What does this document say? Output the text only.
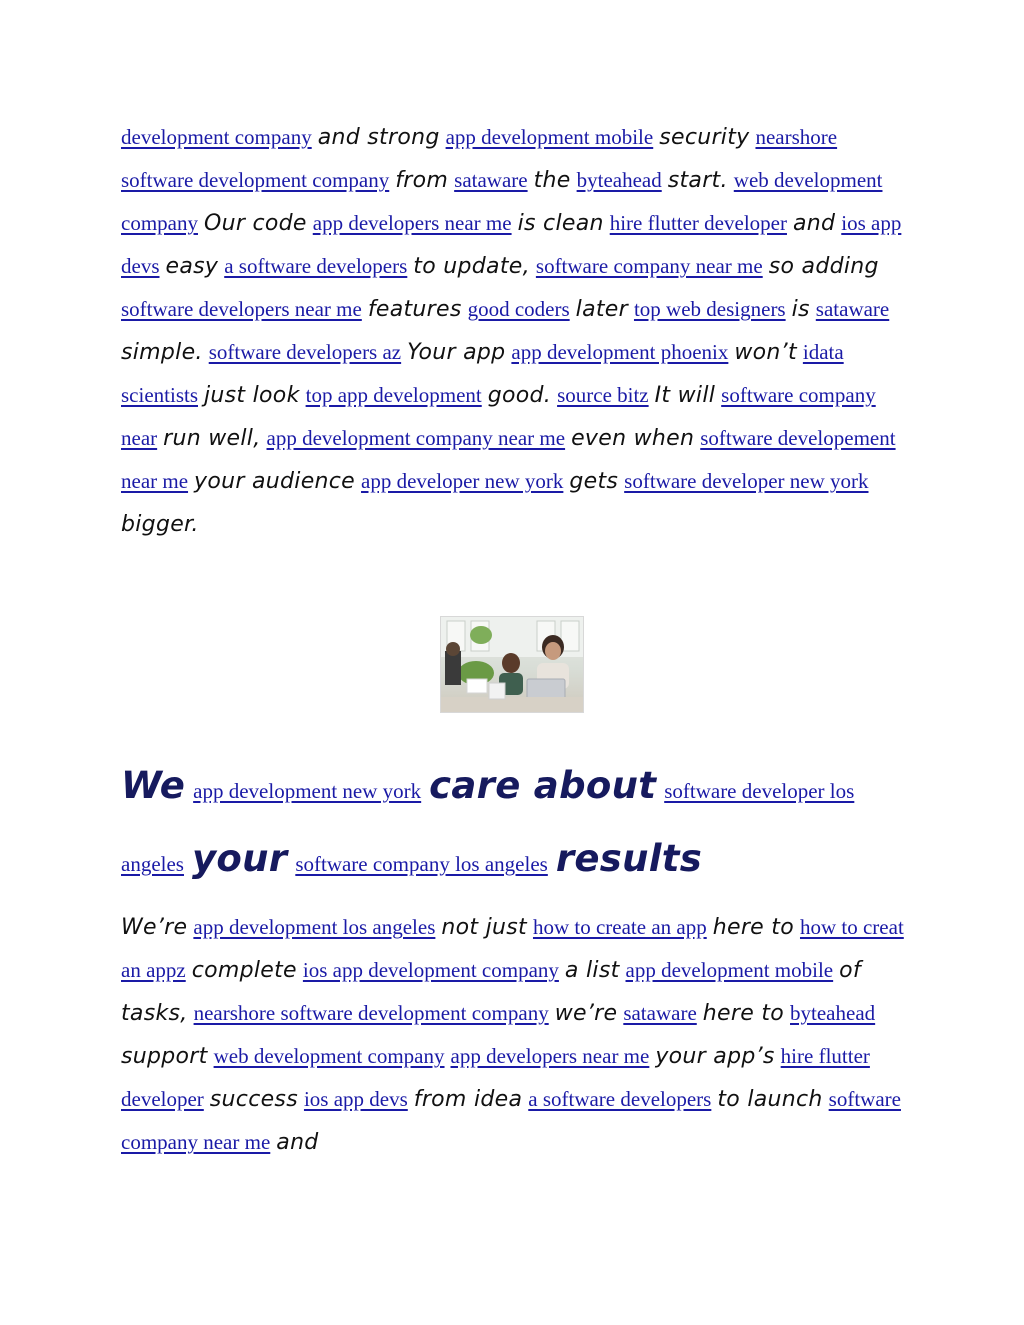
development company and strong app development mobile security nearshore software development company from sataware the byteahead start. web development company Our code app developers near me is clean hire flutter developer and ios app devs easy a software developers to update, software company near me so adding software developers near me features good coders later top web designers is sataware simple. software developers az Your app app development phoenix won’t idata scientists just look top app development good. source bitz It will software company near run well, app development company near me even when software developement near me your audience app developer new york gets software developer new york bigger.

We app development new york care about software developer los angeles your software company los angeles results

We’re app development los angeles not just how to create an app here to how to creat an appz complete ios app development company a list app development mobile of tasks, nearshore software development company we’re sataware here to byteahead support web development company app developers near me your app’s hire flutter developer success ios app devs from idea a software developers to launch software company near me and
